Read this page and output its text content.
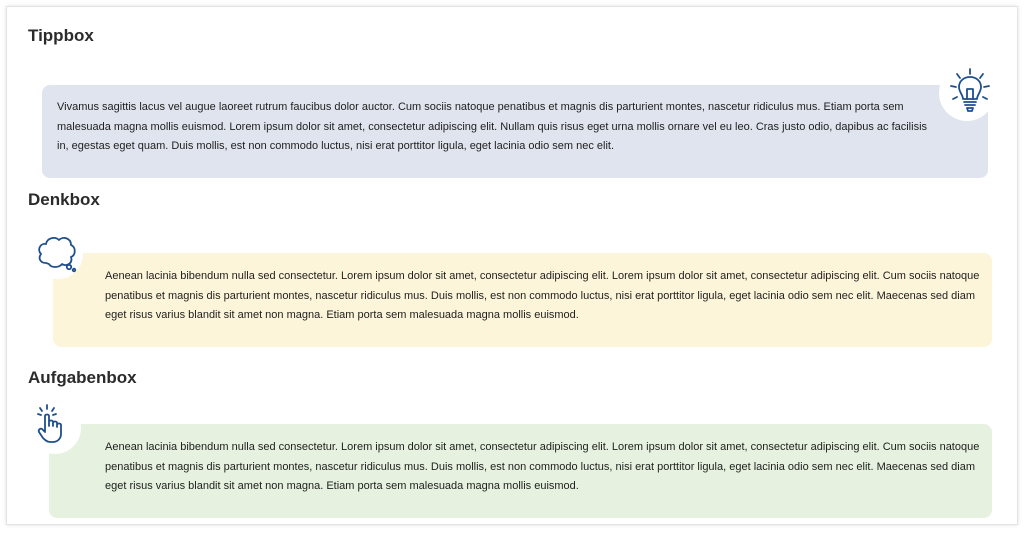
Tippbox

Vivamus sagittis lacus vel augue laoreet rutrum faucibus dolor auctor. Cum sociis natoque penatibus et magnis dis parturient montes, nascetur ridiculus mus. Etiam porta sem malesuada magna mollis euismod. Lorem ipsum dolor sit amet, consectetur adipiscing elit. Nullam quis risus eget urna mollis ornare vel eu leo. Cras justo odio, dapibus ac facilisis in, egestas eget quam. Duis mollis, est non commodo luctus, nisi erat porttitor ligula, eget lacinia odio sem nec elit.

Denkbox

Aenean lacinia bibendum nulla sed consectetur. Lorem ipsum dolor sit amet, consectetur adipiscing elit. Lorem ipsum dolor sit amet, consectetur adipiscing elit. Cum sociis natoque penatibus et magnis dis parturient montes, nascetur ridiculus mus. Duis mollis, est non commodo luctus, nisi erat porttitor ligula, eget lacinia odio sem nec elit. Maecenas sed diam eget risus varius blandit sit amet non magna. Etiam porta sem malesuada magna mollis euismod.

Aufgabenbox

Aenean lacinia bibendum nulla sed consectetur. Lorem ipsum dolor sit amet, consectetur adipiscing elit. Lorem ipsum dolor sit amet, consectetur adipiscing elit. Cum sociis natoque penatibus et magnis dis parturient montes, nascetur ridiculus mus. Duis mollis, est non commodo luctus, nisi erat porttitor ligula, eget lacinia odio sem nec elit. Maecenas sed diam eget risus varius blandit sit amet non magna. Etiam porta sem malesuada magna mollis euismod.
